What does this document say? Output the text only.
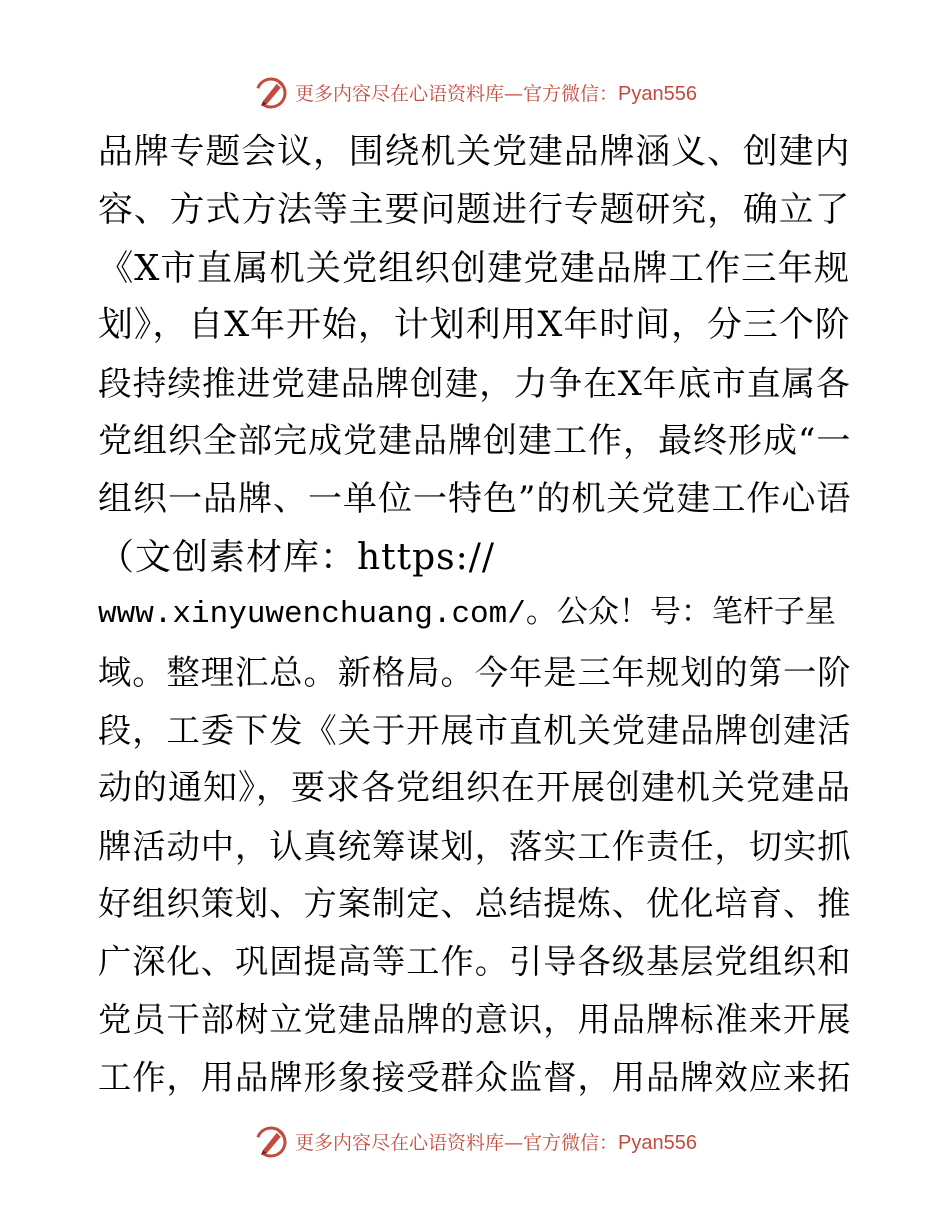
更多内容尽在心语资料库—官方微信：Pyan556
品牌专题会议，围绕机关党建品牌涵义、创建内
容、方式方法等主要问题进行专题研究，确立了
《X市直属机关党组织创建党建品牌工作三年规
划》，自X年开始，计划利用X年时间，分三个阶
段持续推进党建品牌创建，力争在X年底市直属各
党组织全部完成党建品牌创建工作，最终形成“一
组织一品牌、一单位一特色”的机关党建工作心语
（文创素材库：https://
www.xinyuwenchuang.com/。公众！号：笔杆子星
域。整理汇总。新格局。今年是三年规划的第一阶
段，工委下发《关于开展市直机关党建品牌创建活
动的通知》，要求各党组织在开展创建机关党建品
牌活动中，认真统筹谋划，落实工作责任，切实抓
好组织策划、方案制定、总结提炼、优化培育、推
广深化、巩固提高等工作。引导各级基层党组织和
党员干部树立党建品牌的意识，用品牌标准来开展
工作，用品牌形象接受群众监督，用品牌效应来拓
更多内容尽在心语资料库—官方微信：Pyan556
